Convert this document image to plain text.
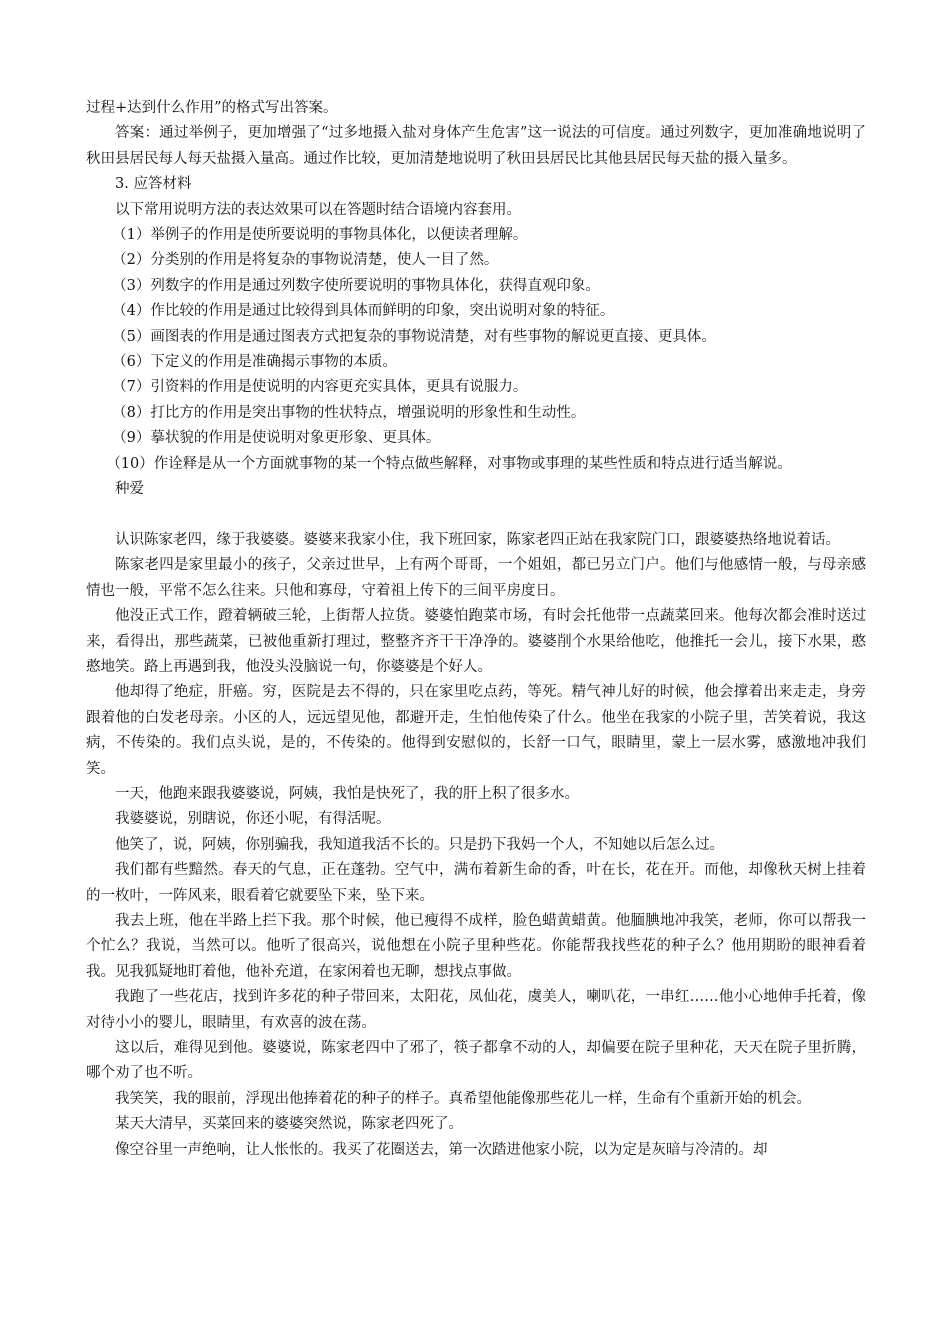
过程+达到什么作用”的格式写出答案。

答案：通过举例子，更加增强了“过多地摄入盐对身体产生危害”这一说法的可信度。通过列数字，更加准确地说明了秋田县居民每人每天盐摄入量高。通过作比较，更加清楚地说明了秋田县居民比其他县居民每天盐的摄入量多。

3. 应答材料

以下常用说明方法的表达效果可以在答题时结合语境内容套用。

（1）举例子的作用是使所要说明的事物具体化，以便读者理解。

（2）分类别的作用是将复杂的事物说清楚，使人一目了然。

（3）列数字的作用是通过列数字使所要说明的事物具体化，获得直观印象。

（4）作比较的作用是通过比较得到具体而鲜明的印象，突出说明对象的特征。

（5）画图表的作用是通过图表方式把复杂的事物说清楚，对有些事物的解说更直接、更具体。

（6）下定义的作用是准确揭示事物的本质。

（7）引资料的作用是使说明的内容更充实具体，更具有说服力。

（8）打比方的作用是突出事物的性状特点，增强说明的形象性和生动性。

（9）摹状貌的作用是使说明对象更形象、更具体。

（10）作诠释是从一个方面就事物的某一个特点做些解释，对事物或事理的某些性质和特点进行适当解说。

种爱

认识陈家老四，缘于我婆婆。婆婆来我家小住，我下班回家，陈家老四正站在我家院门口，跟婆婆热络地说着话。

陈家老四是家里最小的孩子，父亲过世早，上有两个哥哥，一个姐姐，都已另立门户。他们与他感情一般，与母亲感情也一般，平常不怎么往来。只他和寡母，守着祖上传下的三间平房度日。

他没正式工作，蹬着辆破三轮，上街帮人拉货。婆婆怕跑菜市场，有时会托他带一点蔬菜回来。他每次都会准时送过来，看得出，那些蔬菜，已被他重新打理过，整整齐齐干干净净的。婆婆削个水果给他吃，他推托一会儿，接下水果，憨憨地笑。路上再遇到我，他没头没脑说一句，你婆婆是个好人。

他却得了绝症，肝癌。穷，医院是去不得的，只在家里吃点药，等死。精气神儿好的时候，他会撑着出来走走，身旁跟着他的白发老母亲。小区的人，远远望见他，都避开走，生怕他传染了什么。他坐在我家的小院子里，苦笑着说，我这病，不传染的。我们点头说，是的，不传染的。他得到安慰似的，长舒一口气，眼睛里，蒙上一层水雾，感激地冲我们笑。

一天，他跑来跟我婆婆说，阿姨，我怕是快死了，我的肝上积了很多水。

我婆婆说，别瞎说，你还小呢，有得活呢。

他笑了，说，阿姨，你别骗我，我知道我活不长的。只是扔下我妈一个人，不知她以后怎么过。

我们都有些黯然。春天的气息，正在蓬勃。空气中，满布着新生命的香，叶在长，花在开。而他，却像秋天树上挂着的一枚叶，一阵风来，眼看着它就要坠下来，坠下来。

我去上班，他在半路上拦下我。那个时候，他已瘦得不成样，脸色蜡黄蜡黄。他腼腆地冲我笑，老师，你可以帮我一个忙么？我说，当然可以。他听了很高兴，说他想在小院子里种些花。你能帮我找些花的种子么？他用期盼的眼神看着我。见我狐疑地盯着他，他补充道，在家闲着也无聊，想找点事做。

我跑了一些花店，找到许多花的种子带回来，太阳花，凤仙花，虞美人，喇叭花，一串红……他小心地伸手托着，像对待小小的婴儿，眼睛里，有欢喜的波在荡。

这以后，难得见到他。婆婆说，陈家老四中了邪了，筷子都拿不动的人，却偏要在院子里种花，天天在院子里折腾，哪个劝了也不听。

我笑笑，我的眼前，浮现出他捧着花的种子的样子。真希望他能像那些花儿一样，生命有个重新开始的机会。

某天大清早，买菜回来的婆婆突然说，陈家老四死了。

像空谷里一声绝响，让人怅怅的。我买了花圈送去，第一次踏进他家小院，以为定是灰暗与冷清的。却
